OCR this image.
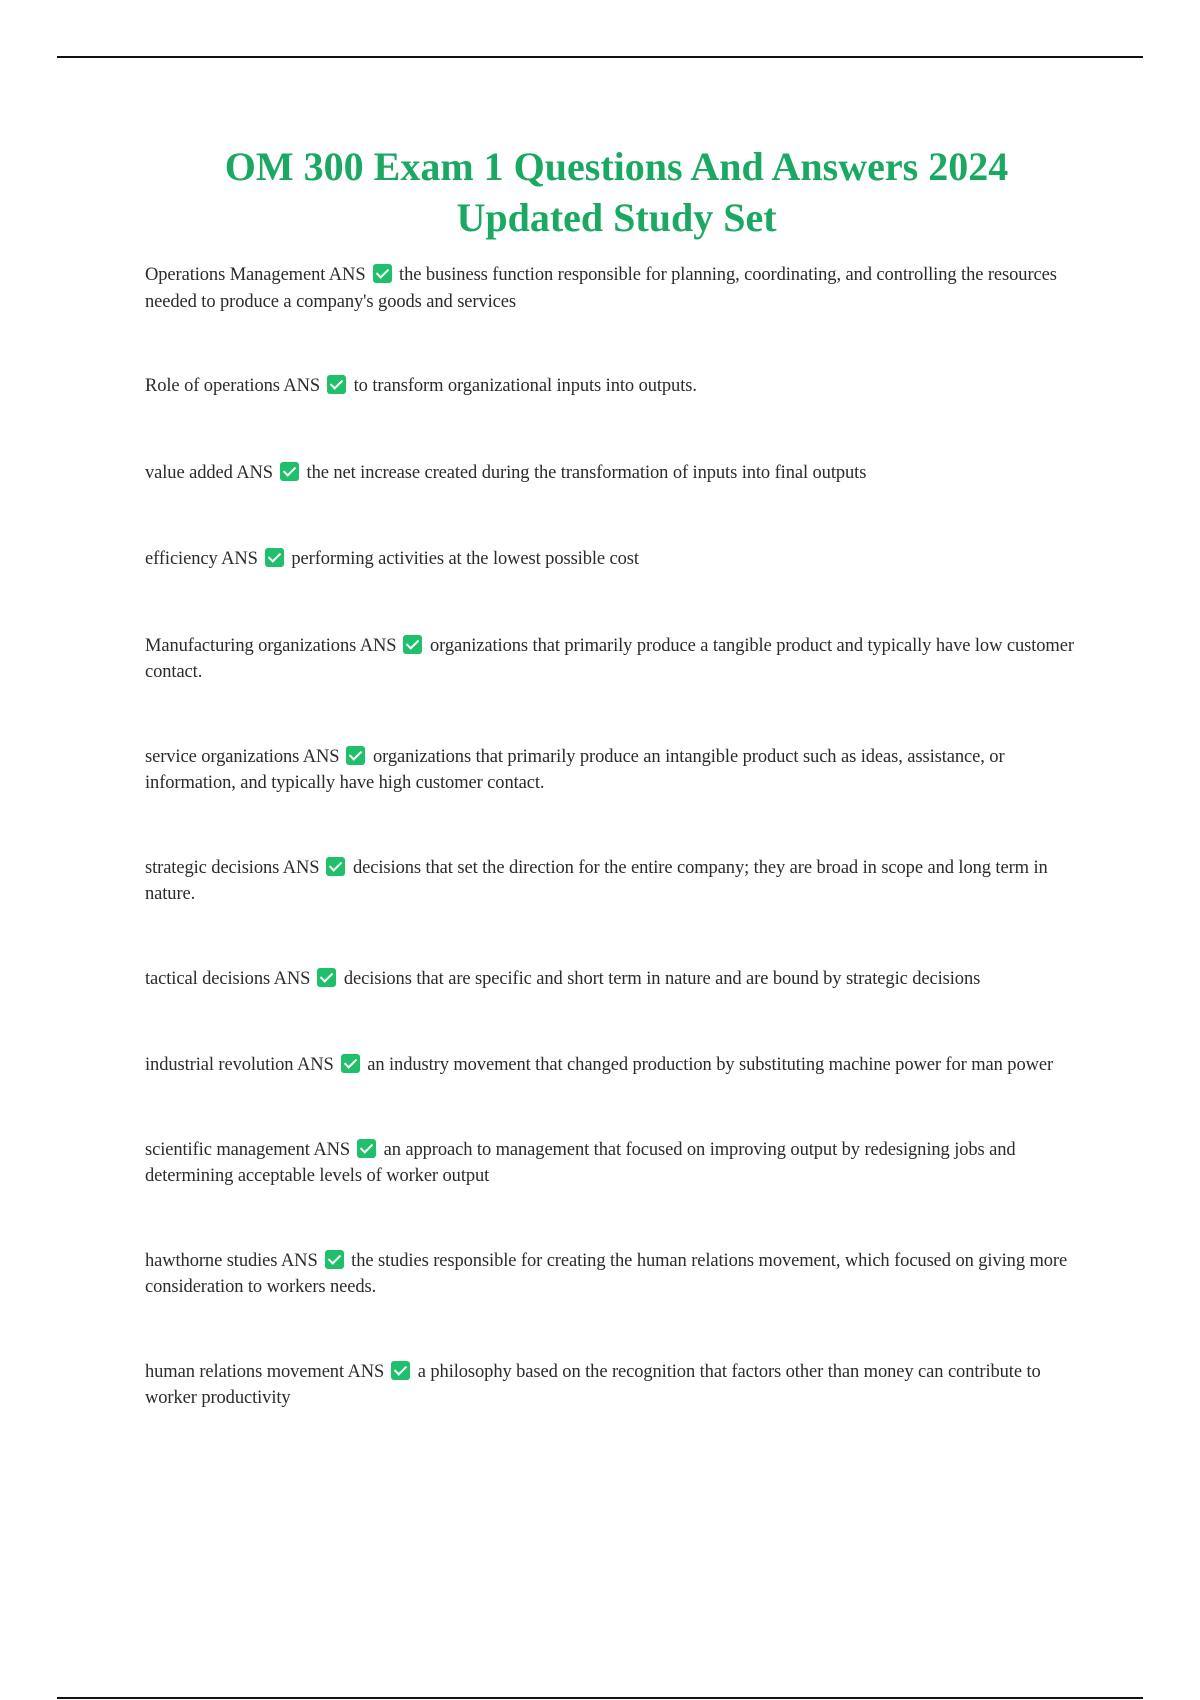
OM 300 Exam 1 Questions And Answers 2024
Updated Study Set

Operations Management ANS the business function responsible for planning, coordinating, and controlling the resources needed to produce a company's goods and services

Role of operations ANS to transform organizational inputs into outputs.

value added ANS the net increase created during the transformation of inputs into final outputs

efficiency ANS performing activities at the lowest possible cost

Manufacturing organizations ANS organizations that primarily produce a tangible product and typically have low customer contact.

service organizations ANS organizations that primarily produce an intangible product such as ideas, assistance, or information, and typically have high customer contact.

strategic decisions ANS decisions that set the direction for the entire company; they are broad in scope and long term in nature.

tactical decisions ANS decisions that are specific and short term in nature and are bound by strategic decisions

industrial revolution ANS an industry movement that changed production by substituting machine power for man power

scientific management ANS an approach to management that focused on improving output by redesigning jobs and determining acceptable levels of worker output

hawthorne studies ANS the studies responsible for creating the human relations movement, which focused on giving more consideration to workers needs.

human relations movement ANS a philosophy based on the recognition that factors other than money can contribute to worker productivity
